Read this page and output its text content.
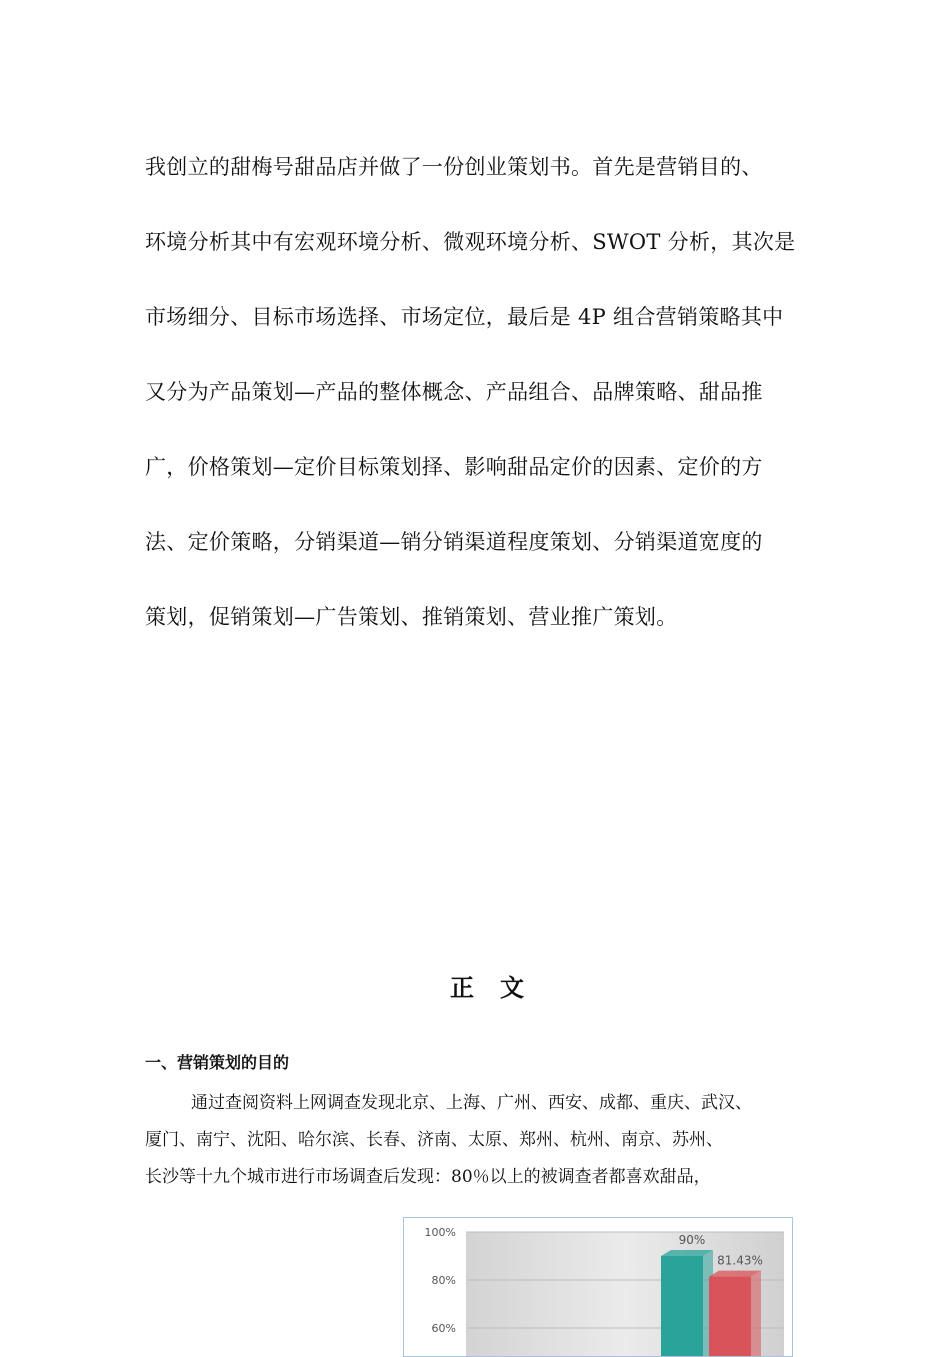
我创立的甜梅号甜品店并做了一份创业策划书。首先是营销目的、
环境分析其中有宏观环境分析、微观环境分析、SWOT 分析，其次是
市场细分、目标市场选择、市场定位，最后是 4P 组合营销策略其中
又分为产品策划—产品的整体概念、产品组合、品牌策略、甜品推
广，价格策划—定价目标策划择、影响甜品定价的因素、定价的方
法、定价策略，分销渠道—销分销渠道程度策划、分销渠道宽度的
策划，促销策划—广告策划、推销策划、营业推广策划。
正文
一、营销策划的目的
通过查阅资料上网调查发现北京、上海、广州、西安、成都、重庆、武汉、
厦门、南宁、沈阳、哈尔滨、长春、济南、太原、郑州、杭州、南京、苏州、
长沙等十九个城市进行市场调查后发现：80％以上的被调查者都喜欢甜品，
100%
80%
60%
90%
81.43%
